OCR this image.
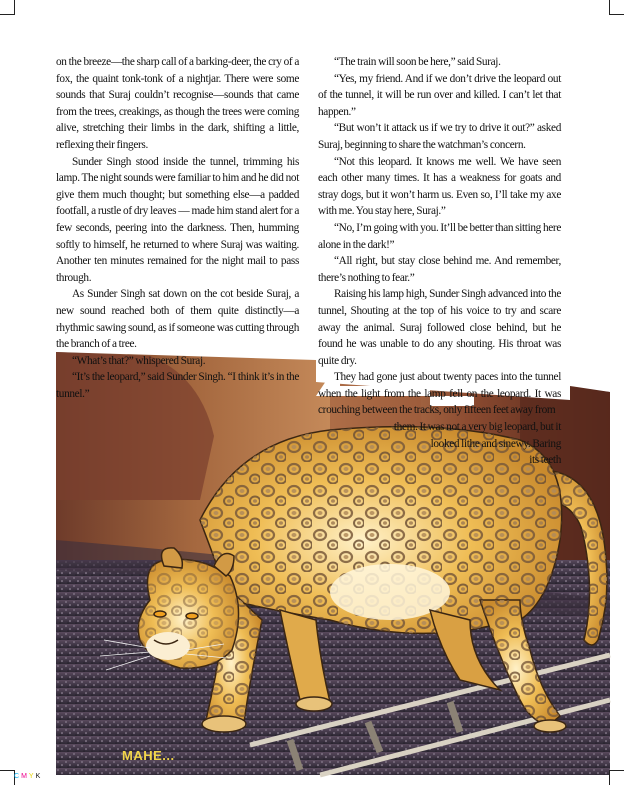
on the breeze—the sharp call of a barking-deer, the cry of a fox, the quaint tonk-tonk of a nightjar. There were some sounds that Suraj couldn’t recognise—sounds that came from the trees, creakings, as though the trees were coming alive, stretching their limbs in the dark, shifting a little, reflexing their fingers.

Sunder Singh stood inside the tunnel, trimming his lamp. The night sounds were familiar to him and he did not give them much thought; but something else—a padded footfall, a rustle of dry leaves — made him stand alert for a few seconds, peering into the darkness. Then, humming softly to himself, he returned to where Suraj was waiting. Another ten minutes remained for the night mail to pass through.

As Sunder Singh sat down on the cot beside Suraj, a new sound reached both of them quite distinctly—a rhythmic sawing sound, as if someone was cutting through the branch of a tree.

“What’s that?” whispered Suraj.

“It’s the leopard,” said Sunder Singh. “I think it’s in the tunnel.”

“The train will soon be here,” said Suraj.

“Yes, my friend. And if we don’t drive the leopard out of the tunnel, it will be run over and killed. I can’t let that happen.”

“But won’t it attack us if we try to drive it out?” asked Suraj, beginning to share the watchman’s concern.

“Not this leopard. It knows me well. We have seen each other many times. It has a weakness for goats and stray dogs, but it won’t harm us. Even so, I’ll take my axe with me. You stay here, Suraj.”

“No, I’m going with you. It’ll be better than sitting here alone in the dark!”

“All right, but stay close behind me. And remember, there’s nothing to fear.”

Raising his lamp high, Sunder Singh advanced into the tunnel, Shouting at the top of his voice to try and scare away the animal. Suraj followed close behind, but he found he was unable to do any shouting. His throat was quite dry.

They had gone just about twenty paces into the tunnel when the light from the lamp fell on the leopard. It was crouching between the tracks, only fifteen feet away from

them. It was not a very big leopard, but it

looked lithe and sinewy. Baring its teeth

MAHE...
CMYK
